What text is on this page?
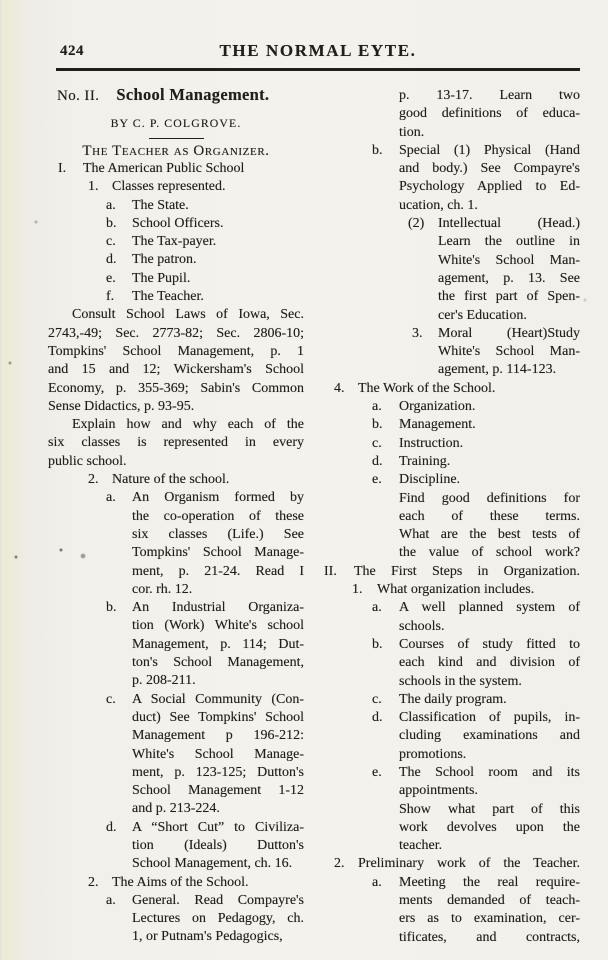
424	THE NORMAL EYTE.
No. II. School Management.
BY C. P. COLGROVE.
The Teacher as Organizer.
I.	The American Public School
1. Classes represented.
a.	The State.
b.	School Officers.
c.	The Tax-payer.
d.	The patron.
e.	The Pupil.
f.	The Teacher.
Consult School Laws of Iowa, Sec.
2743,-49; Sec. 2773-82; Sec. 2806-10;
Tompkins' School Management, p. 1
and 15 and 12; Wickersham's School
Economy, p. 355-369; Sabin's Common
Sense Didactics, p. 93-95.
Explain how and why each of the
six classes is represented in every
public school.
2. Nature of the school.
a.	An Organism formed by
the co-operation of these
six classes (Life.) See
Tompkins' School Manage-
ment, p. 21-24. Read I
cor. rh. 12.
b.	An Industrial Organiza-
tion (Work) White's school
Management, p. 114; Dut-
ton's School Management,
p. 208-211.
c.	A Social Community (Con-
duct) See Tompkins' School
Management p 196-212:
White's School Manage-
ment, p. 123-125; Dutton's
School Management 1-12
and p. 213-224.
d.	A “Short Cut” to Civiliza-
tion (Ideals) Dutton's
School Management, ch. 16.
2. The Aims of the School.
a.	General. Read Compayre's
Lectures on Pedagogy, ch.
1, or Putnam's Pedagogics,
p. 13-17. Learn two
good definitions of educa-
tion.
b.	Special (1) Physical (Hand
and body.) See Compayre's
Psychology Applied to Ed-
ucation, ch. 1.
(2) Intellectual (Head.)
Learn the outline in
White's School Man-
agement, p. 13. See
the first part of Spen-
cer's Education.
3.	Moral (Heart)Study
White's School Man-
agement, p. 114-123.
4. The Work of the School.
a.	Organization.
b.	Management.
c.	Instruction.
d.	Training.
e.	Discipline.
Find good definitions for
each of these terms.
What are the best tests of
the value of school work?
II.	The First Steps in Organization.
1.	What organization includes.
a.	A well planned system of
schools.
b.	Courses of study fitted to
each kind and division of
schools in the system.
c.	The daily program.
d.	Classification of pupils, in-
cluding examinations and
promotions.
e.	The School room and its
appointments.
Show what part of this
work devolves upon the
teacher.
2. Preliminary work of the Teacher.
a.	Meeting the real require-
ments demanded of teach-
ers as to examination, cer-
tificates, and contracts,
